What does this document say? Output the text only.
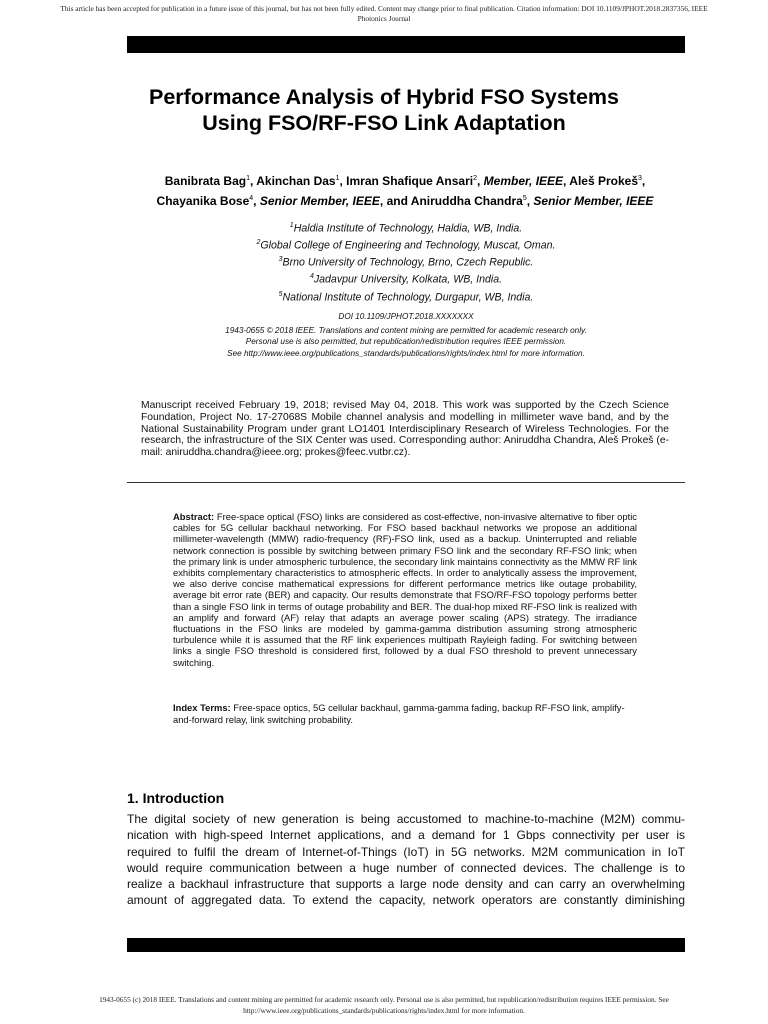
This article has been accepted for publication in a future issue of this journal, but has not been fully edited. Content may change prior to final publication. Citation information: DOI 10.1109/JPHOT.2018.2837356, IEEE
Photonics Journal
Performance Analysis of Hybrid FSO Systems
Using FSO/RF-FSO Link Adaptation
Banibrata Bag$^1$, Akinchan Das$^1$, Imran Shafique Ansari$^2$, Member, IEEE, Aleš Prokeš$^3$,
Chayanika Bose$^4$, Senior Member, IEEE, and Aniruddha Chandra$^5$, Senior Member, IEEE
$^1$Haldia Institute of Technology, Haldia, WB, India.
$^2$Global College of Engineering and Technology, Muscat, Oman.
$^3$Brno University of Technology, Brno, Czech Republic.
$^4$Jadavpur University, Kolkata, WB, India.
$^5$National Institute of Technology, Durgapur, WB, India.
DOI 10.1109/JPHOT.2018.XXXXXXX
1943-0655 © 2018 IEEE. Translations and content mining are permitted for academic research only.
Personal use is also permitted, but republication/redistribution requires IEEE permission.
See http://www.ieee.org/publications_standards/publications/rights/index.html for more information.
Manuscript received February 19, 2018; revised May 04, 2018. This work was supported by the Czech Science Foundation, Project No. 17-27068S Mobile channel analysis and modelling in millimeter wave band, and by the National Sustainability Program under grant LO1401 Interdisciplinary Research of Wireless Technologies. For the research, the infrastructure of the SIX Center was used. Corresponding author: Aniruddha Chandra, Aleš Prokeš (e-mail: aniruddha.chandra@ieee.org; prokes@feec.vutbr.cz).
Abstract: Free-space optical (FSO) links are considered as cost-effective, non-invasive alternative to fiber optic cables for 5G cellular backhaul networking. For FSO based backhaul networks we propose an additional millimeter-wavelength (MMW) radio-frequency (RF)-FSO link, used as a backup. Uninterrupted and reliable network connection is possible by switching between primary FSO link and the secondary RF-FSO link; when the primary link is under atmospheric turbulence, the secondary link maintains connectivity as the MMW RF link exhibits complementary characteristics to atmospheric effects. In order to analytically assess the improvement, we also derive concise mathematical expressions for different performance metrics like outage probability, average bit error rate (BER) and capacity. Our results demonstrate that FSO/RF-FSO topology performs better than a single FSO link in terms of outage probability and BER. The dual-hop mixed RF-FSO link is realized with an amplify and forward (AF) relay that adapts an average power scaling (APS) strategy. The irradiance fluctuations in the FSO links are modeled by gamma-gamma distribution assuming strong atmospheric turbulence while it is assumed that the RF link experiences multipath Rayleigh fading. For switching between links a single FSO threshold is considered first, followed by a dual FSO threshold to prevent unnecessary switching.
Index Terms: Free-space optics, 5G cellular backhaul, gamma-gamma fading, backup RF-FSO link, amplify-and-forward relay, link switching probability.
1. Introduction
The digital society of new generation is being accustomed to machine-to-machine (M2M) commu-
nication with high-speed Internet applications, and a demand for 1 Gbps connectivity per user is
required to fulfil the dream of Internet-of-Things (IoT) in 5G networks. M2M communication in IoT
would require communication between a huge number of connected devices. The challenge is to
realize a backhaul infrastructure that supports a large node density and can carry an overwhelming
amount of aggregated data. To extend the capacity, network operators are constantly diminishing
1943-0655 (c) 2018 IEEE. Translations and content mining are permitted for academic research only. Personal use is also permitted, but republication/redistribution requires IEEE permission. See
http://www.ieee.org/publications_standards/publications/rights/index.html for more information.
